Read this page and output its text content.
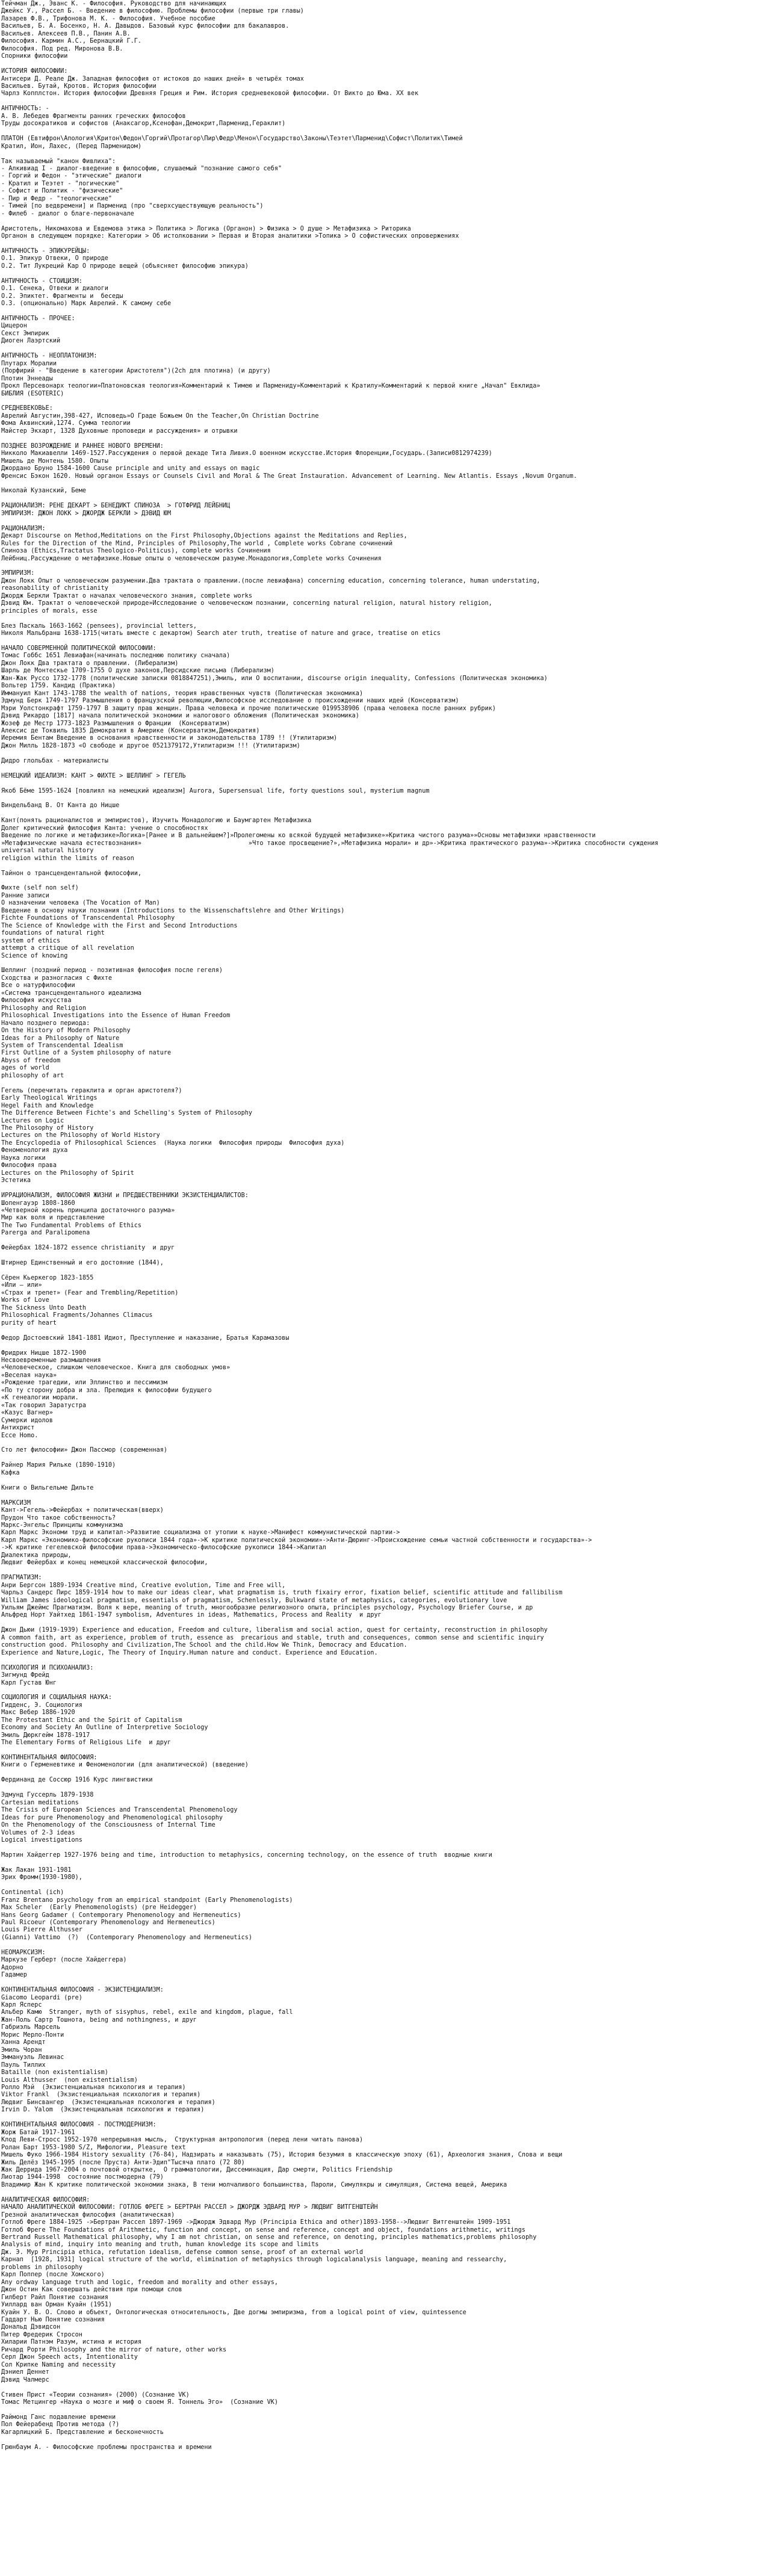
Тейчман Дж., Эванс К. - Философия. Руководство для начинающих
Джейкс У., Рассел Б. - Введение в философию. Проблемы философии (первые три главы)
Лазарев Ф.В., Трифонова М. К. - Философия. Учебное пособие
Васильев, Б. А. Босенко, Н. А. Давыдов. Базовый курс философии для бакалавров.
Васильев. Алексеев П.В., Панин А.В.
Философия. Кармин А.С., Бернацкий Г.Г.
Философия. Под ред. Миронова В.В.
Спорники философии

ИСТОРИЯ ФИЛОСОФИИ:
Антисери Д. Реале Дж. Западная философия от истоков до наших дней» в четырёх томах
Васильев. Бутай, Кротов. История философии
Чарлз Копплстон. История философии Древняя Греция и Рим. История средневековой философии. От Викто до Юма. ХХ век

АНТИЧНОСТЬ: -
А. В. Лебедев Фрагменты ранних греческих философов
Труды досократиков и софистов (Анаксагор,Ксенофан,Демокрит,Парменид,Гераклит)

ПЛАТОН (Евтифрон\Апология\Критон\Федон\Горгий\Протагор\Пир\Федр\Менон\Государство\Законы\Теэтет\Парменид\Софист\Политик\Тимей
Кратил, Ион, Лахес, (Перед Парменидом)

Так называемый "канон Фивлиха":
- Алкивиад I - диалог-введение в философию, слушаемый "познание самого себя"
- Горгий и Федон - "этические" диалоги
- Кратил и Теэтет - "логические"
- Софист и Политик - "физические"
- Пир и Федр - "теологические"
- Тимей [по ведвремени] и Парменид (про "сверхсуществующую реальность")
- Филеб - диалог о благе-первоначале

Аристотель, Никомахова и Евдемова этика > Политика > Логика (Органон) > Физика > О душе > Метафизика > Риторика
Органон в следующем порядке: Категории > Об истолковании > Первая и Вторая аналитики >Топика > О софистических опровержениях

АНТИЧНОСТЬ - ЭПИКУРЕЙЦЫ:
О.1. Эпикур Отвеки, О природе
О.2. Тит Лукреций Кар О природе вещей (объясняет философию эпикура)

АНТИЧНОСТЬ - СТОИЦИЗМ:
О.1. Сенека, Отвеки и диалоги
О.2. Эпиктет. Фрагменты и  беседы
О.3. (опционально) Марк Аврелий. К самому себе

АНТИЧНОСТЬ - ПРОЧЕЕ:
Цицерон
Секст Эмпирик
Диоген Лаэртский

АНТИЧНОСТЬ - НЕОПЛАТОНИЗМ:
Плутарх Моралии
(Порфирий - "Введение в категории Аристотеля")(2ch для плотина) (и другу)
Плотин Эннеады
Прокл Персевонарх теологии»Платоновская теология»Комментарий к Тимею и Пармениду»Комментарий к Кратилу»Комментарий к первой книге „Начал" Евклида»
БИБЛИЯ (ESOTERIC)

СРЕДНЕВЕКОВЬЕ:
Аврелий Августин,398-427, Исповедь»О Граде Божьем On the Teacher,On Christian Doctrine
Фома Аквинский,1274. Сумма теологии
Майстер Экхарт, 1328 Духовные проповеди и рассуждения» и отрывки

ПОЗДНЕЕ ВОЗРОЖДЕНИЕ И РАННЕЕ НОВОГО ВРЕМЕНИ:
Никколо Макиавелли 1469-1527.Рассуждения о первой декаде Тита Ливия.О военном искусстве.История Флоренции,Государь.(Записи0812974239)
Мишель де Монтень 1580. Опыты
Джордано Бруно 1584-1600 Cause principle and unity and essays on magic
Френсис Бэкон 1620. Новый органон Essays or Counsels Civil and Moral & The Great Instauration. Advancement of Learning. New Atlantis. Essays ,Novum Organum.

Николай Кузанский, Беме

РАЦИОНАЛИЗМ: РЕНЕ ДЕКАРТ > БЕНЕДИКТ СПИНОЗА  > ГОТФРИД ЛЕЙБНИЦ
ЭМПИРИЗМ: ДЖОН ЛОКК > ДЖОРДЖ БЕРКЛИ > ДЭВИД ЮМ

РАЦИОНАЛИЗМ:
Декарт Discourse on Method,Meditations on the First Philosophy,Objections against the Meditations and Replies,
Rules for the Direction of the Mind, Principles of Philosophy,The world , Complete works Cobrane сочинений
Спиноза (Ethics,Tractatus Theologico-Politicus), complete works Сочинения
Лейбниц.Рассуждение о метафизике.Новые опыты о человеческом разуме.Монадология,Complete works Сочинения

ЭМПИРИЗМ:
Джон Локк Опыт о человеческом разумении.Два трактата о правлении.(после левиафана) concerning education, concerning tolerance, human understating,
reasonability of christianity
Джордж Беркли Трактат о началах человеческого знания, complete works
Дэвид Юм. Трактат о человеческой природе»Исследование о человеческом познании, concerning natural religion, natural history religion,
principles of morals, esse

Блез Паскаль 1663-1662 (pensees), provincial letters,
Николя Мальбранш 1638-1715(читать вместе с декартом) Search ater truth, treatise of nature and grace, treatise on etics

НАЧАЛО СОВЕРМЕННОЙ ПОЛИТИЧЕСКОЙ ФИЛОСОФИИ:
Томас Гоббс 1651 Левиафан(начинать последнюю политику сначала)
Джон Локк Два трактата о правлении. (Либерализм)
Шарль де Монтескье 1709-1755 О духе законов,Персидские письма (Либерализм)
Жан-Жак Руссо 1732-1778 (политические записки 0818847251),Эмиль, или О воспитании, discourse origin inequality, Confessions (Политическая экономика)
Вольтер 1759. Кандид (Практика)
Иммануил Кант 1743-1788 the wealth of nations, теория нравственных чувств (Политическая экономика)
Эдмунд Берк 1749-1797 Размышления о французской революции,Философское исследование о происхождении наших идей (Консерватизм)
Мэри Уолстонкрафт 1759-1797 В защиту прав женщин. Права человека и прочие политические 0199538906 (права человека после ранних рубрик)
Дэвид Рикардо [1817] начала политической экономии и налогового обложения (Политическая экономика)
Жозеф де Местр 1773-1823 Размышления о Франции  (Консерватизм)
Алексис де Токвиль 1835 Демократия в Америке (Консерватизм,Демократия)
Иеремия Бентам Введение в основания нравственности и законодательства 1789 !! (Утилитаризм)
Джон Милль 1828-1873 «О свободе и другое 0521379172,Утилитаризм !!! (Утилитаризм)

Дидро глольбах - материалисты

НЕМЕЦКИЙ ИДЕАЛИЗМ: КАНТ > ФИХТЕ > ШЕЛЛИНГ > ГЕГЕЛЬ

Якоб Бёме 1595-1624 [повлиял на немецкий идеализм] Aurora, Supersensual life, forty questions soul, mysterium magnum

Виндельбанд В. От Канта до Ницше

Кант(понять рационалистов и эмпиристов), Изучить Монадологию и Баумгартен Метафизика
Долег критический философия Канта: учение о способностях
Введение по логике и метафизике»Логика»[Ранее и В дальнейшем?]»Пролегомены ко всякой будущей метафизике»»Критика чистого разума»»Основы метафизики нравственности
»Метафизические начала естествознания»                             »Что такое просвещение?»,»Метафизика морали» и др»->Критика практического разума»->Критика способности суждения
universal natural history
religion within the limits of reason

Тайнон о трансцендентальной философии,

Фихте (self non self)
Ранние записи
О назначении человека (The Vocation of Man)
Введение в основу науки познания (Introductions to the Wissenschaftslehre and Other Writings)
Fichte Foundations of Transcendental Philosophy
The Science of Knowledge with the First and Second Introductions
foundations of natural right
system of ethics
attempt a critique of all revelation
Science of knowing

Шеллинг (поздний период - позитивная философия после гегеля)
Сходства и разногласия с Фихте
Все о натурфилософии
«Система трансцендентального идеализма
Философия искусства
Philosophy and Religion
Philosophical Investigations into the Essence of Human Freedom
Начало позднего периода:
On the History of Modern Philosophy
Ideas for a Philosophy of Nature
System of Transcendental Idealism
First Outline of a System philosophy of nature
Abyss of freedom
ages of world
philosophy of art

Гегель (перечитать гераклита и орган аристотеля?)
Early Theological Writings
Hegel Faith and Knowledge
The Difference Between Fichte's and Schelling's System of Philosophy
Lectures on Logic
The Philosophy of History
Lectures on the Philosophy of World History
The Encyclopedia of Philosophical Sciences  (Наука логики  Философия природы  Философия духа)
Феноменология духа
Наука логики
Философия права
Lectures on the Philosophy of Spirit
Эстетика

ИРРАЦИОНАЛИЗМ, ФИЛОСОФИЯ ЖИЗНИ и ПРЕДШЕСТВЕННИКИ ЭКЗИСТЕНЦИАЛИСТОВ:
Шопенгауэр 1808-1860
«Четверной корень принципа достаточного разума»
Мир как воля и представление
The Two Fundamental Problems of Ethics
Parerga and Paralipomena

Фейербах 1824-1872 essence christianity  и друг

Штирнер Единственный и его достояние (1844),

Сёрен Кьеркегор 1823-1855
«Или — или»
«Страх и трепет» (Fear and Trembling/Repetition)
Works of Love
The Sickness Unto Death
Philosophical Fragments/Johannes Climacus
purity of heart

Федор Достоевский 1841-1881 Идиот, Преступление и наказание, Братья Карамазовы

Фридрих Ницше 1872-1900
Несвоевременные размышления
«Человеческое, слишком человеческое. Книга для свободных умов»
«Веселая наука»
«Рождение трагедии, или Эллинство и пессимизм
«По ту сторону добра и зла. Прелюдия к философии будущего
«К генеалогии морали.
«Так говорил Заратустра
«Казус Вагнер»
Сумерки идолов
Антихрист
Ecce Homo.

Сто лет философии» Джон Пассмор (современная)

Райнер Мария Рильке (1890-1910)
Кафка

Книги о Вильгельме Дильте

МАРКСИЗМ
Кант->Гегель->Фейербах + политическая(вверх)
Прудон Что такое собственность?
Маркс-Энгельс Принципы коммунизма
Карл Маркс Экономи труд и капитал->Развитие социализма от утопии к науке->Манифест коммунистической партии->
Карл Маркс «Экономико-философские рукописи 1844 года»->К критике политической экономии»->Анти-Дюринг->Происхождение семьи частной собственности и государства»->
->К критике гегелевской философии права->Экономическо-философские рукописи 1844->Капитал
Диалектика природы,
Людвиг Фейербах и конец немецкой классической философии,

ПРАГМАТИЗМ:
Анри Бергсон 1889-1934 Creative mind, Creative evolution, Time and Free will,
Чарльз Сандерс Пирс 1859-1914 how to make our ideas clear, what pragmatism is, truth fixairy error, fixation belief, scientific attitude and fallibilism
William James ideological pragmatism, essentials of pragmatism, Schenlessly, Bulkward state of metaphysics, categories, evolutionary love
Уильям Джеймс Прагматизм. Воля к вере, meaning of truth, многообразие религиозного опыта, principles psychology, Psychology Briefer Course, и др
Альфред Норт Уайтхед 1861-1947 symbolism, Adventures in ideas, Mathematics, Process and Reality  и друг

Джон Дьюи (1919-1939) Experience and education, Freedom and culture, liberalism and social action, quest for certainty, reconstruction in philosophy
A common faith, art as experience, problem of truth, essence as  precarious and stable, truth and consequences, common sense and scientific inquiry
construction good. Philosophy and Civilization,The School and the child.How We Think, Democracy and Education.
Experience and Nature,Logic, The Theory of Inquiry.Human nature and conduct. Experience and Education.

ПСИХОЛОГИЯ И ПСИХОАНАЛИЗ:
Зигмунд Фрейд
Карл Густав Юнг

СОЦИОЛОГИЯ И СОЦИАЛЬНАЯ НАУКА:
Гидденс, Э. Социология
Макс Вебер 1886-1920
The Protestant Ethic and the Spirit of Capitalism
Economy and Society An Outline of Interpretive Sociology
Эмиль Дюркгейм 1878-1917
The Elementary Forms of Religious Life  и друг

КОНТИНЕНТАЛЬНАЯ ФИЛОСОФИЯ:
Книги о Герменевтике и Феноменологии (для аналитической) (введение)

Фердинанд де Соссюр 1916 Курс лингвистики

Эдмунд Гуссерль 1879-1938
Cartesian meditations
The Crisis of European Sciences and Transcendental Phenomenology
Ideas for pure Phenomenology and Phenomenological philosophy
On the Phenomenology of the Consciousness of Internal Time
Volumes of 2-3 ideas
Logical investigations

Мартин Хайдеггер 1927-1976 being and time, introduction to metaphysics, concerning technology, on the essence of truth  вводные книги

Жак Лакан 1931-1981
Эрих Фромм(1930-1980),

Continental (ich)
Franz Brentano psychology from an empirical standpoint (Early Phenomenologists)
Max Scheler  (Early Phenomenologists) (pre Heidegger)
Hans Georg Gadamer ( Contemporary Phenomenology and Hermeneutics)
Paul Ricoeur (Contemporary Phenomenology and Hermeneutics)
Louis Pierre Althusser
(Gianni) Vattimo  (?)  (Contemporary Phenomenology and Hermeneutics)

НЕОМАРКСИЗМ:
Маркузе Герберт (после Хайдеггера)
Адорно
Гадамер

КОНТИНЕНТАЛЬНАЯ ФИЛОСОФИЯ - ЭКЗИСТЕНЦИАЛИЗМ:
Giacomo Leopardi (pre)
Карл Ясперс
Альбер Камю  Stranger, myth of sisyphus, rebel, exile and kingdom, plague, fall
Жан-Поль Сартр Тошнота, being and nothingness, и друг
Габриэль Марсель
Морис Мерло-Понти
Ханна Арендт
Эмиль Чоран
Эммануэль Левинас
Пауль Тиллих
Bataille (non existentialism)
Louis Althusser  (non existentialism)
Ролло Мэй  (Экзистенциальная психология и терапия)
Viktor Frankl  (Экзистенциальная психология и терапия)
Людвиг Бинсвангер  (Экзистенциальная психология и терапия)
Irvin D. Yalom  (Экзистенциальная психология и терапия)

КОНТИНЕНТАЛЬНАЯ ФИЛОСОФИЯ - ПОСТМОДЕРНИЗМ:
Жорж Батай 1917-1961
Клод Леви-Стросс 1952-1970 непрерывная мысль,  Структурная антропология (перед лени читать панова)
Ролан Барт 1953-1980 S/Z, Мифологии, Pleasure text
Мишель Фуко 1966-1984 History sexuality (76-84), Надзирать и наказывать (75), История безумия в классическую эпоху (61), Археология знания, Слова и вещи
Жиль Делёз 1945-1995 (после Пруста) Анти-Эдип"Тысяча плато (72 80)
Жак Деррида 1967-2004 о почтовой открытке,  О грамматологии, Диссеминация, Дар смерти, Politics Friendship
Лиотар 1944-1998  состояние постмодерна (79)
Владимир Жан К критике политической экономии знака, В тени молчаливого большинства, Пароли, Симулякры и симуляция, Система вещей, Америка

АНАЛИТИЧЕСКАЯ ФИЛОСОФИЯ:
НАЧАЛО АНАЛИТИЧЕСКОЙ ФИЛОСОФИИ: ГОТЛОБ ФРЕГЕ > БЕРТРАН РАССЕЛ > ДЖОРДЖ ЭДВАРД МУР > ЛЮДВИГ ВИТГЕНШТЕЙН
Грезной аналитическая философия (аналитическая)
Готлоб Фреге 1884-1925 ->Бертран Рассел 1897-1969 ->Джордж Эдвард Мур (Principia Ethica and other)1893-1958-->Людвиг Витгенштейн 1909-1951
Готлоб Фреге The Foundations of Arithmetic, function and concept, on sense and reference, concept and object, foundations arithmetic, writings
Bertrand Russell Mathematical philosophy, why I am not christian, on sense and reference, on denoting, principles mathematics,problems philosophy
Analysis of mind, inquiry into meaning and truth, human knowledge its scope and limits
Дж. Э. Мур Principia ethica, refutation idealism, defense common sense, proof of an external world
Карнап  [1928, 1931] logical structure of the world, elimination of metaphysics through logicalanalysis language, meaning and ressearchy,
problems in philosophy
Карл Поппер (после Хомского)
Any ordway language truth and logic, freedom and morality and other essays,
Джон Остин Как совершать действия при помощи слов
Гилберт Райл Понятие сознания
Уиллард ван Орман Куайн (1951)
Куайн У. В. О. Слово и объект, Онтологическая относительность, Две догмы эмпиризма, from a logical point of view, quintessence
Гаддарт Нью Понятие сознания
Дональд Дэвидсон
Питер Фредерик Стросон
Хиларии Патнэм Разум, истина и история
Ричард Рорти Philosophy and the mirror of nature, other works
Серл Джон Speech acts, Intentionality
Сол Крипке Naming and necessity
Дэниел Деннет
Дэвид Чалмерс

Стивен Прист «Теории сознания» (2000) (Сознание VK)
Томас Метцингер «Наука о мозге и миф о своем Я. Тоннель Эго»  (Сознание VK)

Раймонд Ганс подавление времени
Пол Фейерабенд Против метода (?)
Кагарлицкий Б. Представление и бесконечность

Грюнбаум А. - Философские проблемы пространства и времени
